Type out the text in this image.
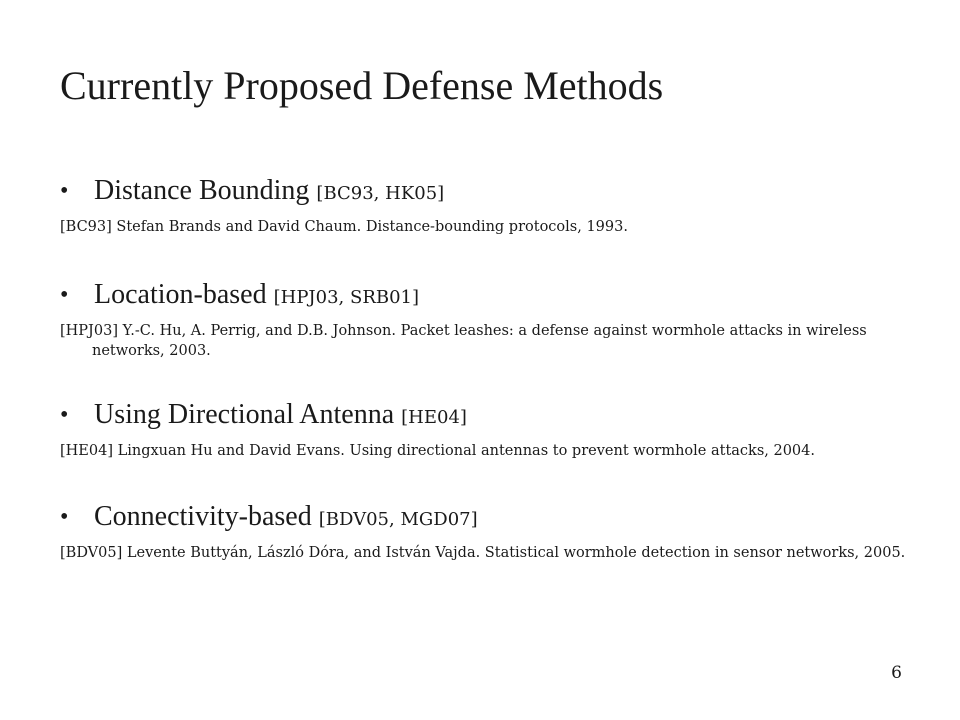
Currently Proposed Defense Methods
• Distance Bounding [BC93, HK05]
[BC93] Stefan Brands and David Chaum. Distance-bounding protocols, 1993.
• Location-based [HPJ03, SRB01]
[HPJ03] Y.-C. Hu, A. Perrig, and D.B. Johnson. Packet leashes: a defense against wormhole attacks in wireless networks, 2003.
• Using Directional Antenna [HE04]
[HE04] Lingxuan Hu and David Evans. Using directional antennas to prevent wormhole attacks, 2004.
• Connectivity-based [BDV05, MGD07]
[BDV05] Levente Buttyán, László Dóra, and István Vajda. Statistical wormhole detection in sensor networks, 2005.
6
